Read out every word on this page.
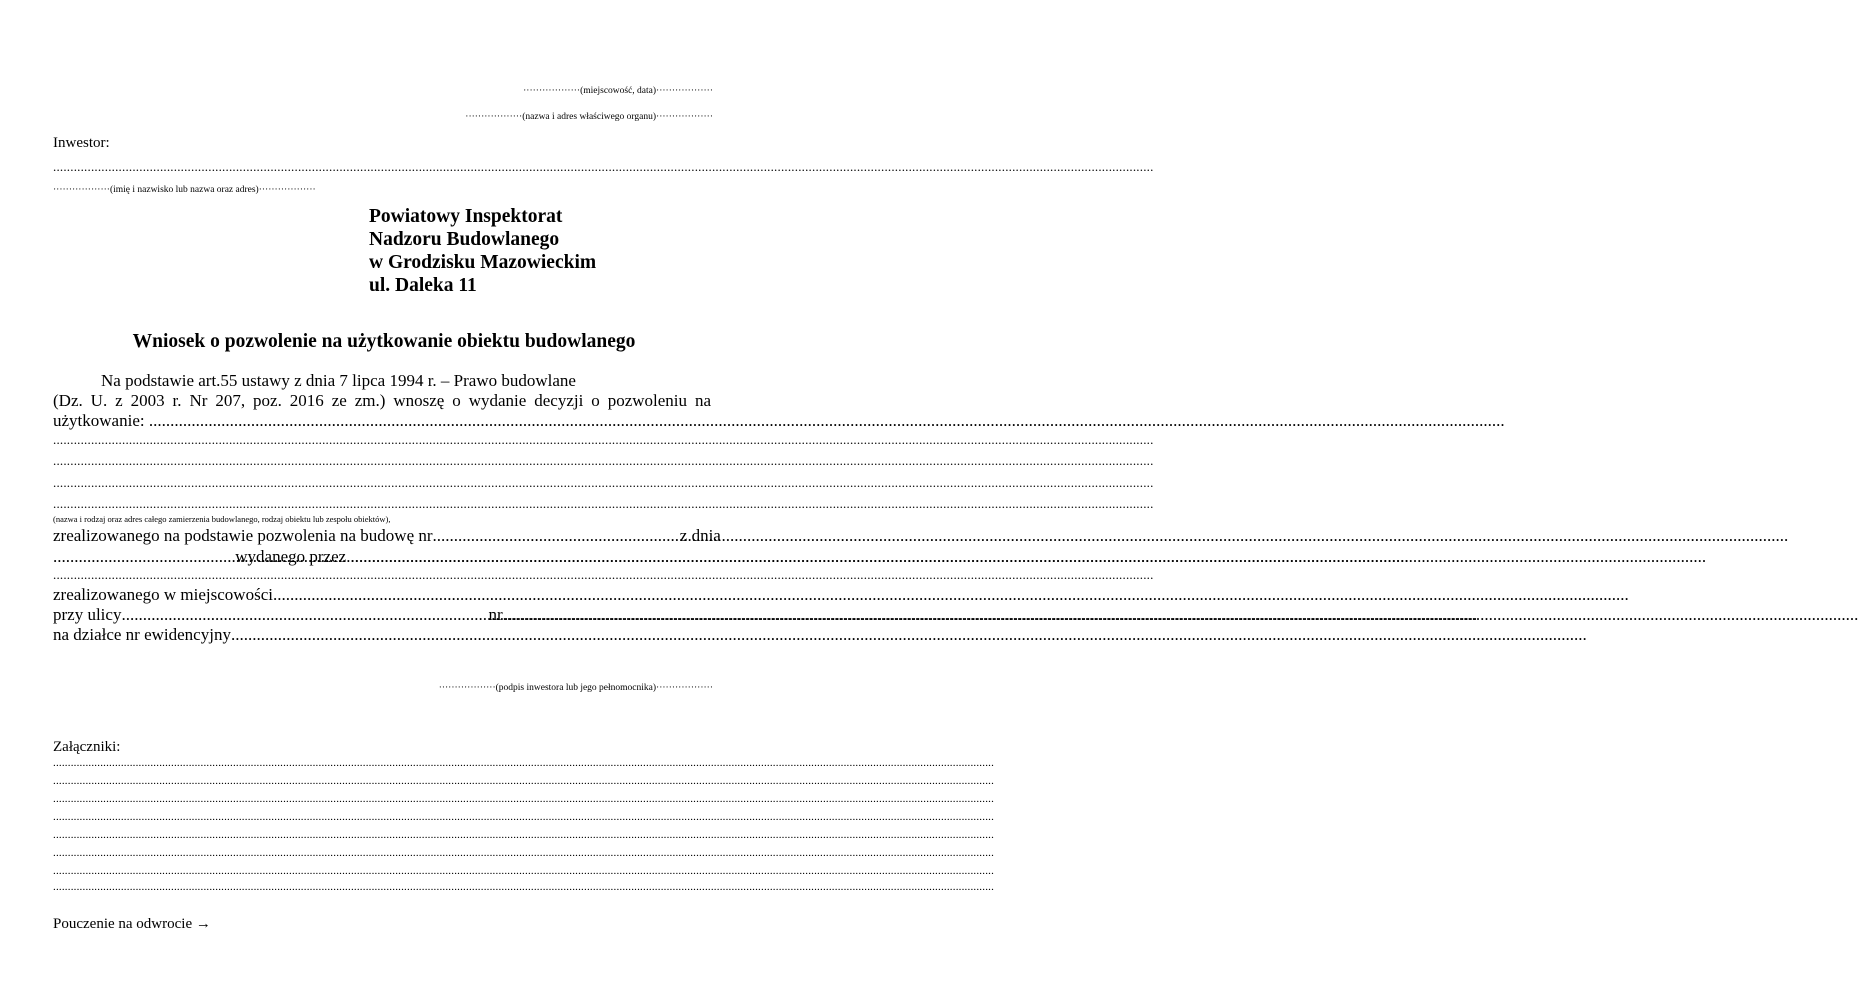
··················(miejscowość, data)··················
··················(nazwa i adres właściwego organu)··················
Inwestor:
.....
··················(imię i nazwisko lub nazwa oraz adres)··················
Powiatowy Inspektorat
Nadzoru Budowlanego
w Grodzisku Mazowieckim
ul. Daleka 11
Wniosek o pozwolenie na użytkowanie obiektu budowlanego
Na podstawie art.55 ustawy z dnia 7 lipca 1994 r. – Prawo budowlane
(Dz. U. z 2003 r. Nr 207, poz. 2016 ze zm.) wnoszę o wydanie decyzji o pozwoleniu na
użytkowanie: .....
.....
.....
.....
.....
(nazwa i rodzaj oraz adres całego zamierzenia budowlanego, rodzaj obiektu lub zespołu obiektów),
zrealizowanego na podstawie pozwolenia na budowę nr .....	z dnia
..... wydanego przez .....
.....
zrealizowanego w miejscowości.....
przy ulicy .....	nr.....
na działce nr ewidencyjny.....
··················(podpis inwestora lub jego pełnomocnika)··················
Załączniki:
.....
.....
.....
.....
.....
.....
.....
.....
Pouczenie na odwrocie →
